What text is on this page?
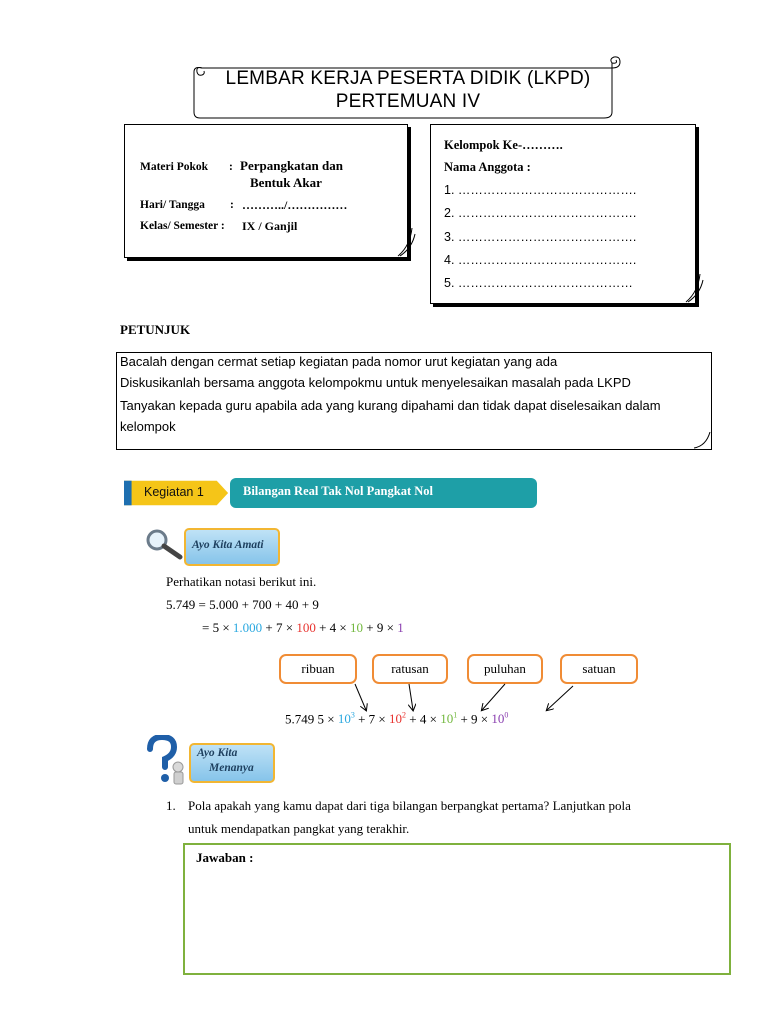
LEMBAR KERJA PESERTA DIDIK (LKPD)
PERTEMUAN IV
Materi Pokok : Perpangkatan dan
Bentuk Akar
Hari/ Tangga : ………../……………
Kelas/ Semester : IX / Ganjil
Kelompok Ke-……….
Nama Anggota :
1. …………………………………….
2. …………………………………….
3. …………………………………….
4. …………………………………….
5. ……………………………………
PETUNJUK
Bacalah dengan cermat setiap kegiatan pada nomor urut kegiatan yang ada
Diskusikanlah bersama anggota kelompokmu untuk menyelesaikan masalah pada LKPD
Tanyakan kepada guru apabila ada yang kurang dipahami dan tidak dapat diselesaikan dalam
kelompok
Bilangan Real Tak Nol Pangkat Nol
Kegiatan 1
Ayo Kita Amati
Perhatikan notasi berikut ini.
5.749 = 5.000 + 700 + 40 + 9
= 5 × 1.000 + 7 × 100 + 4 × 10 + 9 × 1
ribuan	ratusan	puluhan	satuan
5.749 $5 \times 10^3 + 7 \times 10^2 + 4 \times 10^1 + 9 \times 10^0$
Ayo Kita
Menanya
1. Pola apakah yang kamu dapat dari tiga bilangan berpangkat pertama? Lanjutkan pola
untuk mendapatkan pangkat yang terakhir.
Jawaban :
